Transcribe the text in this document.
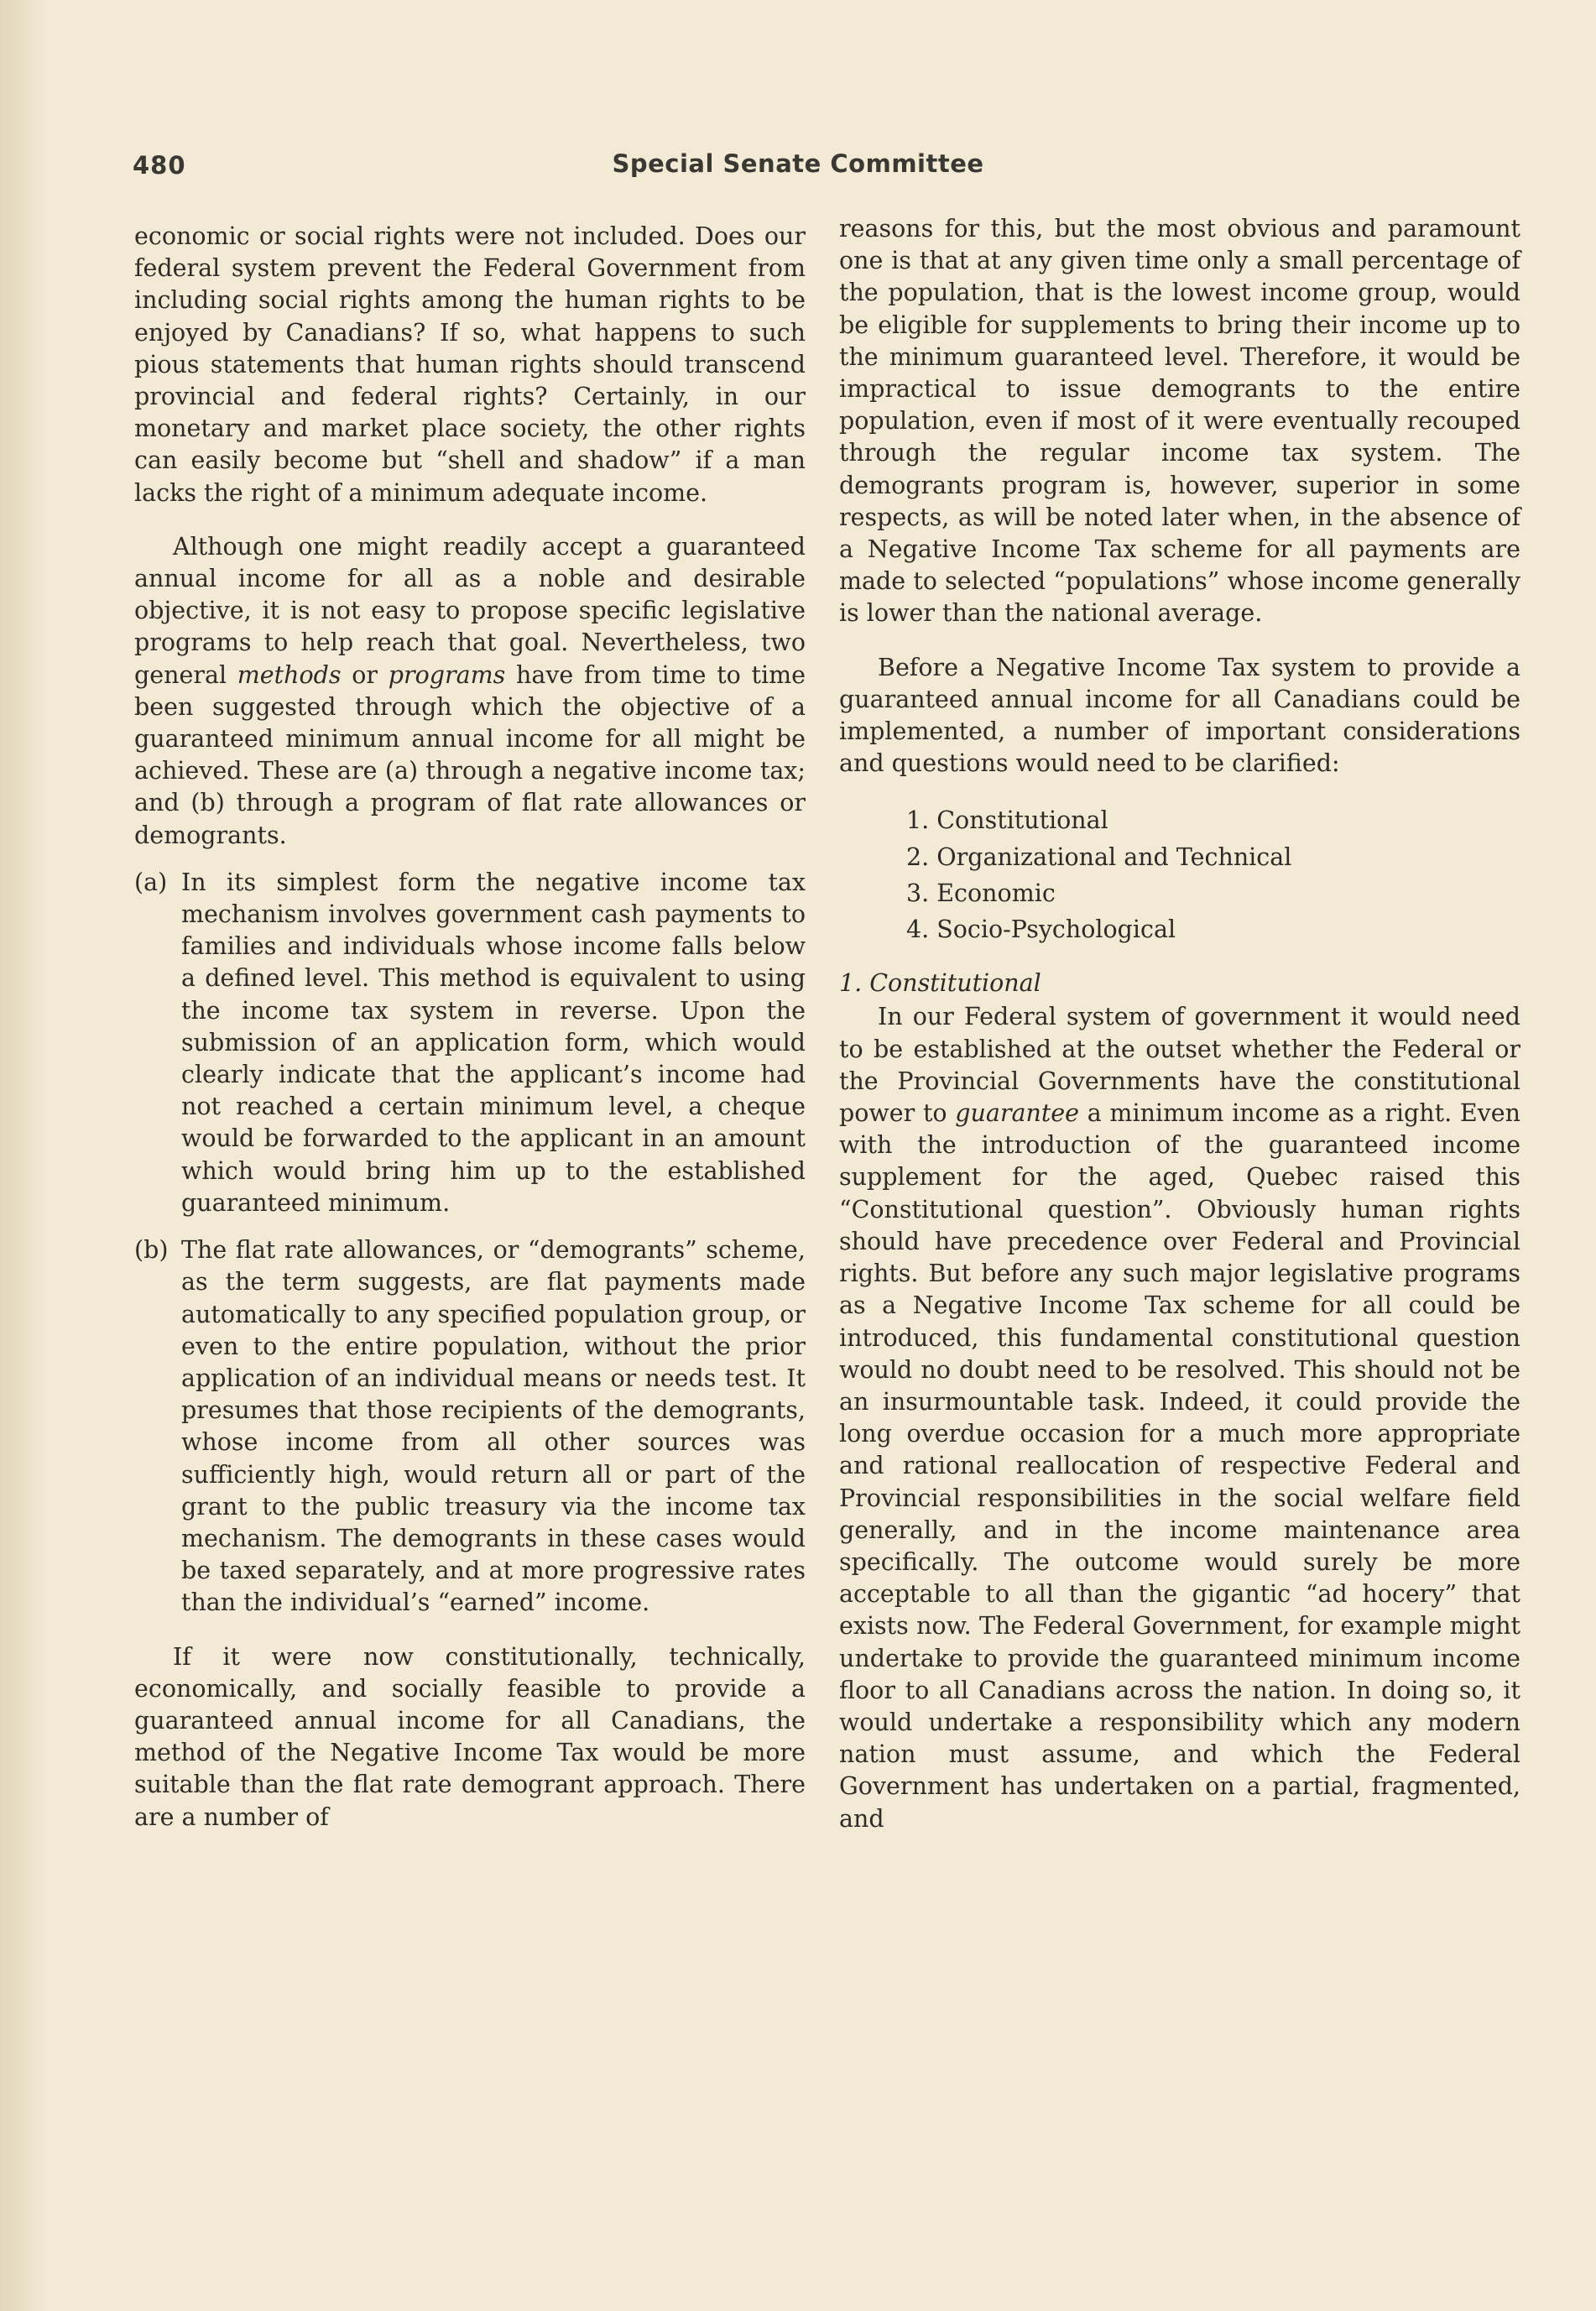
480	Special Senate Committee

economic or social rights were not included. Does our federal system prevent the Federal Government from including social rights among the human rights to be enjoyed by Canadians? If so, what happens to such pious statements that human rights should transcend provincial and federal rights? Certainly, in our monetary and market place society, the other rights can easily become but “shell and shadow” if a man lacks the right of a minimum adequate income.

Although one might readily accept a guaranteed annual income for all as a noble and desirable objective, it is not easy to propose specific legislative programs to help reach that goal. Nevertheless, two general methods or programs have from time to time been suggested through which the objective of a guaranteed minimum annual income for all might be achieved. These are (a) through a negative income tax; and (b) through a program of flat rate allowances or demogrants.

(a) In its simplest form the negative income tax mechanism involves government cash payments to families and individuals whose income falls below a defined level. This method is equivalent to using the income tax system in reverse. Upon the submission of an application form, which would clearly indicate that the applicant’s income had not reached a certain minimum level, a cheque would be forwarded to the applicant in an amount which would bring him up to the established guaranteed minimum.

(b) The flat rate allowances, or “demogrants” scheme, as the term suggests, are flat payments made automatically to any specified population group, or even to the entire population, without the prior application of an individual means or needs test. It presumes that those recipients of the demogrants, whose income from all other sources was sufficiently high, would return all or part of the grant to the public treasury via the income tax mechanism. The demogrants in these cases would be taxed separately, and at more progressive rates than the individual’s “earned” income.

If it were now constitutionally, technically, economically, and socially feasible to provide a guaranteed annual income for all Canadians, the method of the Negative Income Tax would be more suitable than the flat rate demogrant approach. There are a number of

reasons for this, but the most obvious and paramount one is that at any given time only a small percentage of the population, that is the lowest income group, would be eligible for supplements to bring their income up to the minimum guaranteed level. Therefore, it would be impractical to issue demogrants to the entire population, even if most of it were eventually recouped through the regular income tax system. The demogrants program is, however, superior in some respects, as will be noted later when, in the absence of a Negative Income Tax scheme for all payments are made to selected “populations” whose income generally is lower than the national average.

Before a Negative Income Tax system to provide a guaranteed annual income for all Canadians could be implemented, a number of important considerations and questions would need to be clarified:

1. Constitutional
2. Organizational and Technical
3. Economic
4. Socio-Psychological

1. Constitutional

In our Federal system of government it would need to be established at the outset whether the Federal or the Provincial Governments have the constitutional power to guarantee a minimum income as a right. Even with the introduction of the guaranteed income supplement for the aged, Quebec raised this “Constitutional question”. Obviously human rights should have precedence over Federal and Provincial rights. But before any such major legislative programs as a Negative Income Tax scheme for all could be introduced, this fundamental constitutional question would no doubt need to be resolved. This should not be an insurmountable task. Indeed, it could provide the long overdue occasion for a much more appropriate and rational reallocation of respective Federal and Provincial responsibilities in the social welfare field generally, and in the income maintenance area specifically. The outcome would surely be more acceptable to all than the gigantic “ad hocery” that exists now. The Federal Government, for example might undertake to provide the guaranteed minimum income floor to all Canadians across the nation. In doing so, it would undertake a responsibility which any modern nation must assume, and which the Federal Government has undertaken on a partial, fragmented, and
